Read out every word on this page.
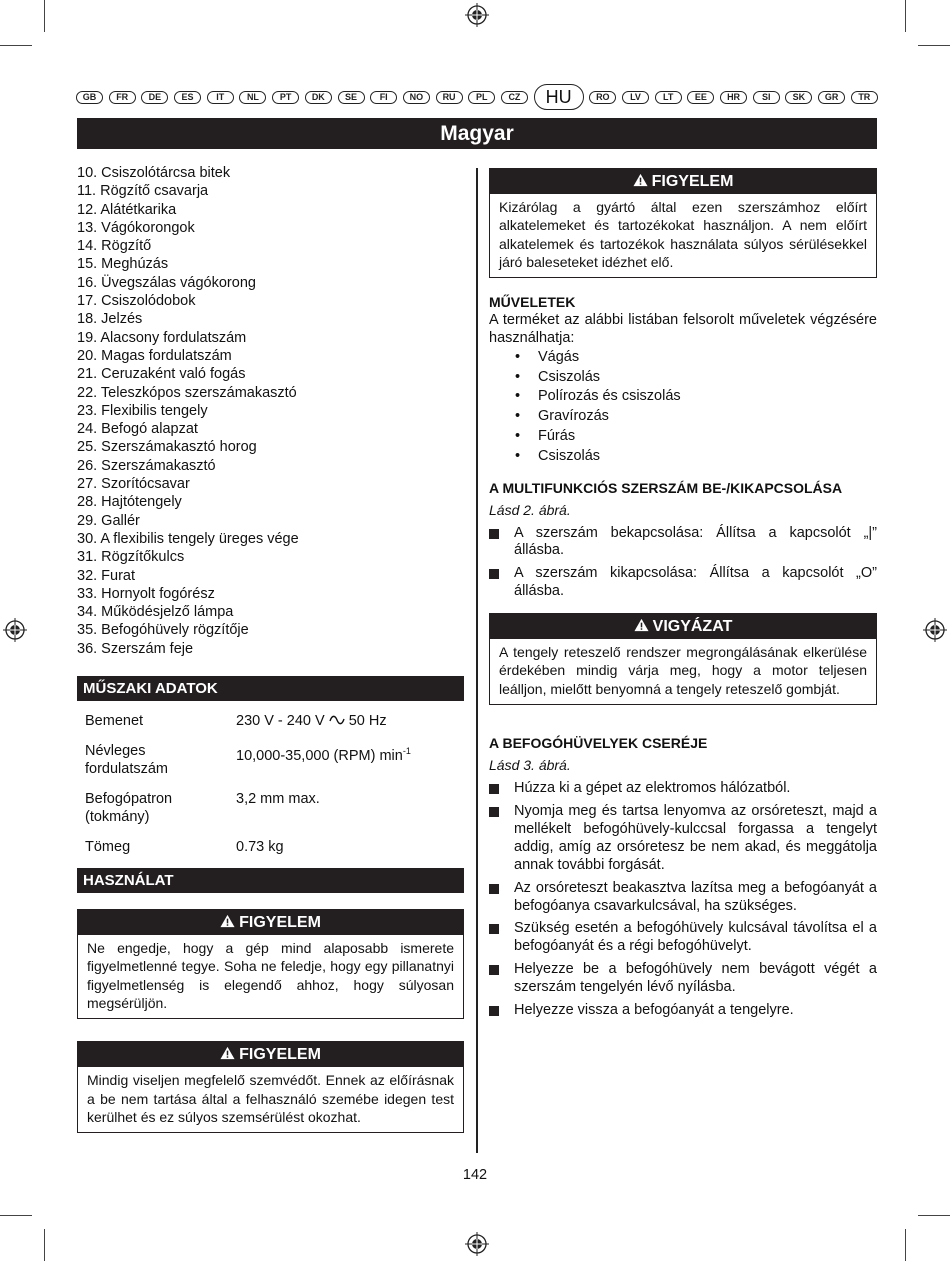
GB	FR	DE	ES	IT	NL	PT	DK	SE	FI	NO	RU	PL	CZ	HU	RO	LV	LT	EE	HR	SI	SK	GR	TR
Magyar
10. Csiszolótárcsa bitek
11. Rögzítő csavarja
12. Alátétkarika
13. Vágókorongok
14. Rögzítő
15. Meghúzás
16. Üvegszálas vágókorong
17. Csiszolódobok
18. Jelzés
19. Alacsony fordulatszám
20. Magas fordulatszám
21. Ceruzaként való fogás
22. Teleszkópos szerszámakasztó
23. Flexibilis tengely
24. Befogó alapzat
25. Szerszámakasztó horog
26. Szerszámakasztó
27. Szorítócsavar
28. Hajtótengely
29. Gallér
30. A flexibilis tengely üreges vége
31. Rögzítőkulcs
32. Furat
33. Hornyolt fogórész
34. Működésjelző lámpa
35. Befogóhüvely rögzítője
36. Szerszám feje
MŰSZAKI ADATOK
Bemenet	230 V - 240 V 50 Hz
Névleges fordulatszám	10,000-35,000 (RPM) $\min^{-1}$
Befogópatron (tokmány)	3,2 mm max.
Tömeg	0.73 kg
HASZNÁLAT
FIGYELEM
Ne engedje, hogy a gép mind alaposabb ismerete figyelmetlenné tegye. Soha ne feledje, hogy egy pillanatnyi figyelmetlenség is elegendő ahhoz, hogy súlyosan megsérüljön.
FIGYELEM
Mindig viseljen megfelelő szemvédőt. Ennek az előírásnak a be nem tartása által a felhasználó szemébe idegen test kerülhet és ez súlyos szemsérülést okozhat.
FIGYELEM
Kizárólag a gyártó által ezen szerszámhoz előírt alkatelemeket és tartozékokat használjon. A nem előírt alkatelemek és tartozékok használata súlyos sérülésekkel járó baleseteket idézhet elő.
MŰVELETEK
A terméket az alábbi listában felsorolt műveletek végzésére használhatja:
• Vágás
• Csiszolás
• Polírozás és csiszolás
• Gravírozás
• Fúrás
• Csiszolás
A MULTIFUNKCIÓS SZERSZÁM BE-/KIKAPCSOLÁSA
Lásd 2. ábrá.
A szerszám bekapcsolása: Állítsa a kapcsolót „|” állásba.
A szerszám kikapcsolása: Állítsa a kapcsolót „O” állásba.
VIGYÁZAT
A tengely reteszelő rendszer megrongálásának elkerülése érdekében mindig várja meg, hogy a motor teljesen leálljon, mielőtt benyomná a tengely reteszelő gombját.
A BEFOGÓHÜVELYEK CSERÉJE
Lásd 3. ábrá.
Húzza ki a gépet az elektromos hálózatból.
Nyomja meg és tartsa lenyomva az orsóreteszt, majd a mellékelt befogóhüvely-kulccsal forgassa a tengelyt addig, amíg az orsóretesz be nem akad, és meggátolja annak további forgását.
Az orsóreteszt beakasztva lazítsa meg a befogóanyát a befogóanya csavarkulcsával, ha szükséges.
Szükség esetén a befogóhüvely kulcsával távolítsa el a befogóanyát és a régi befogóhüvelyt.
Helyezze be a befogóhüvely nem bevágott végét a szerszám tengelyén lévő nyílásba.
Helyezze vissza a befogóanyát a tengelyre.
142
